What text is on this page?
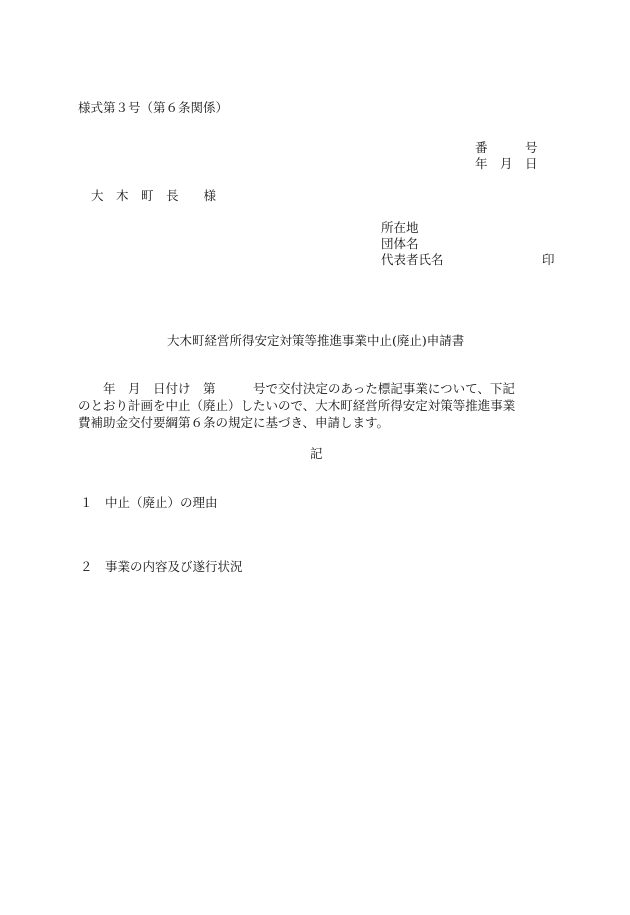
様式第３号（第６条関係）
番　　　号
年　月　日
大　木　町　長　　様
所在地
団体名
代表者氏名	印
大木町経営所得安定対策等推進事業中止(廃止)申請書
　　年　月　日付け　第　　　号で交付決定のあった標記事業について、下記
のとおり計画を中止（廃止）したいので、大木町経営所得安定対策等推進事業
費補助金交付要綱第６条の規定に基づき、申請します。
記
１　中止（廃止）の理由
２　事業の内容及び遂行状況
